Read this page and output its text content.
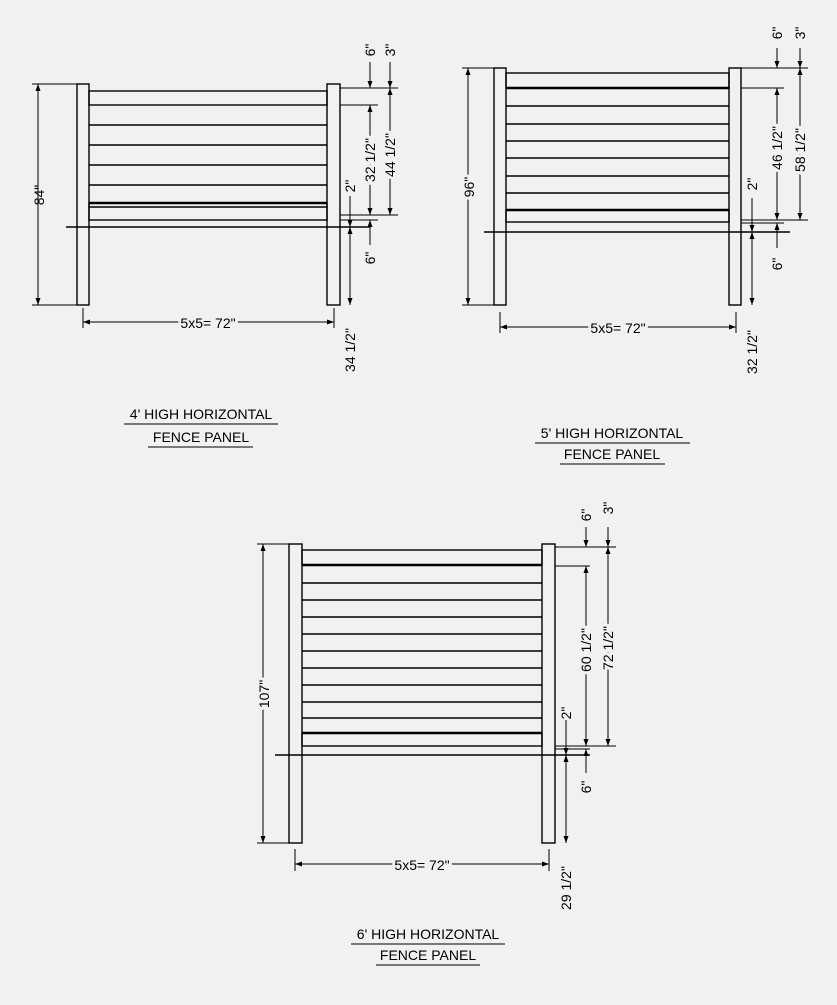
84"
5x5= 72"
6" 3"
32 1/2" 44 1/2"
2"
6"
34 1/2"
4' HIGH HORIZONTAL
FENCE PANEL
96"
5x5= 72"
6" 3"
46 1/2" 58 1/2"
2"
6"
32 1/2"
5' HIGH HORIZONTAL
FENCE PANEL
107"
5x5= 72"
6"
3"
60 1/2" 72 1/2"
2"
6"
29 1/2"
6' HIGH HORIZONTAL
FENCE PANEL
